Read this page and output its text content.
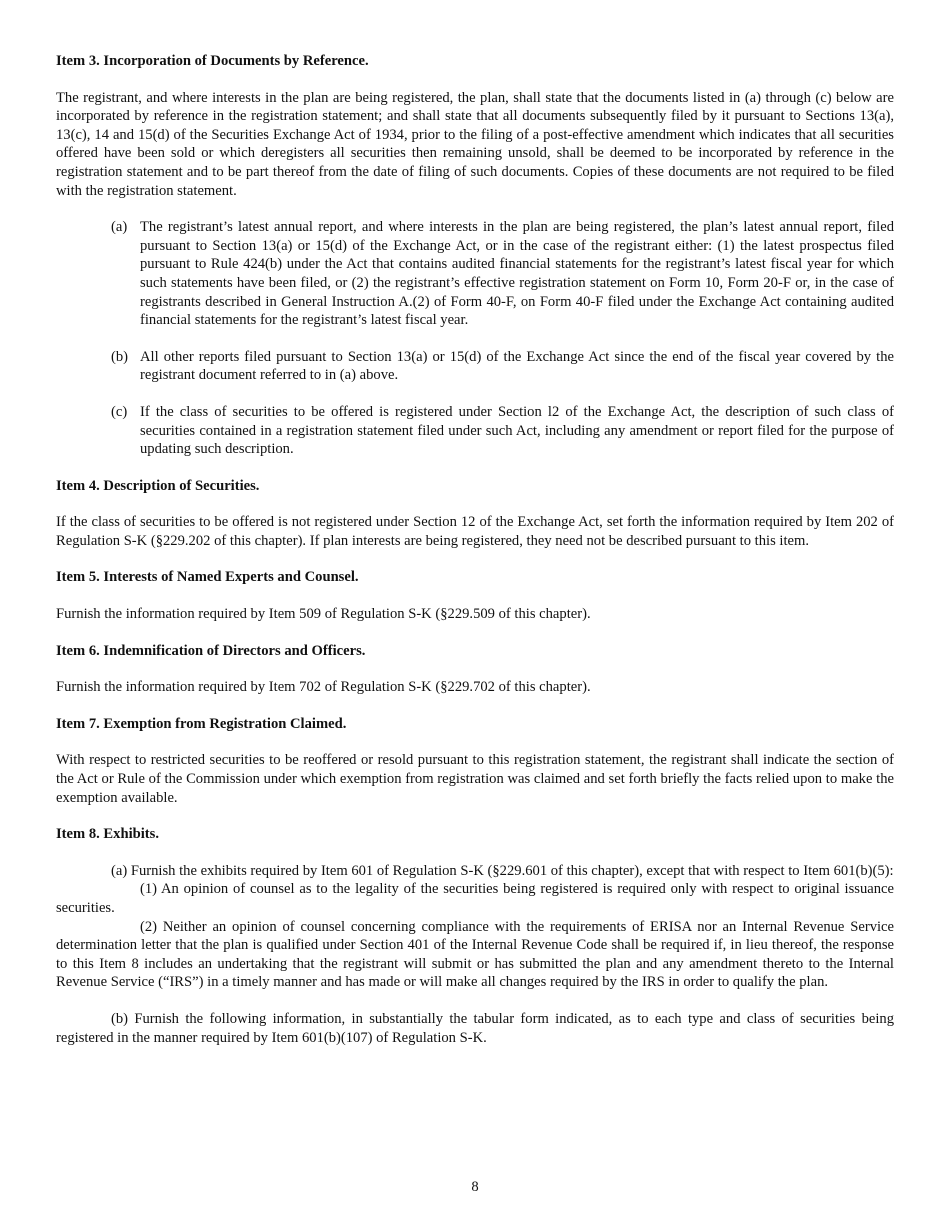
Item 3. Incorporation of Documents by Reference.

The registrant, and where interests in the plan are being registered, the plan, shall state that the documents listed in (a) through (c) below are incorporated by reference in the registration statement; and shall state that all documents subsequently filed by it pursuant to Sections 13(a), 13(c), 14 and 15(d) of the Securities Exchange Act of 1934, prior to the filing of a post-effective amendment which indicates that all securities offered have been sold or which deregisters all securities then remaining unsold, shall be deemed to be incorporated by reference in the registration statement and to be part thereof from the date of filing of such documents. Copies of these documents are not required to be filed with the registration statement.

(a) The registrant’s latest annual report, and where interests in the plan are being registered, the plan’s latest annual report, filed pursuant to Section 13(a) or 15(d) of the Exchange Act, or in the case of the registrant either: (1) the latest prospectus filed pursuant to Rule 424(b) under the Act that contains audited financial statements for the registrant’s latest fiscal year for which such statements have been filed, or (2) the registrant’s effective registration statement on Form 10, Form 20-F or, in the case of registrants described in General Instruction A.(2) of Form 40-F, on Form 40-F filed under the Exchange Act containing audited financial statements for the registrant’s latest fiscal year.
(b) All other reports filed pursuant to Section 13(a) or 15(d) of the Exchange Act since the end of the fiscal year covered by the registrant document referred to in (a) above.
(c) If the class of securities to be offered is registered under Section l2 of the Exchange Act, the description of such class of securities contained in a registration statement filed under such Act, including any amendment or report filed for the purpose of updating such description.
Item 4. Description of Securities.

If the class of securities to be offered is not registered under Section 12 of the Exchange Act, set forth the information required by Item 202 of Regulation S-K (§229.202 of this chapter). If plan interests are being registered, they need not be described pursuant to this item.

Item 5. Interests of Named Experts and Counsel.

Furnish the information required by Item 509 of Regulation S-K (§229.509 of this chapter).

Item 6. Indemnification of Directors and Officers.

Furnish the information required by Item 702 of Regulation S-K (§229.702 of this chapter).

Item 7. Exemption from Registration Claimed.

With respect to restricted securities to be reoffered or resold pursuant to this registration statement, the registrant shall indicate the section of the Act or Rule of the Commission under which exemption from registration was claimed and set forth briefly the facts relied upon to make the exemption available.

Item 8. Exhibits.

(a) Furnish the exhibits required by Item 601 of Regulation S-K (§229.601 of this chapter), except that with respect to Item 601(b)(5):

(1) An opinion of counsel as to the legality of the securities being registered is required only with respect to original issuance securities.

(2) Neither an opinion of counsel concerning compliance with the requirements of ERISA nor an Internal Revenue Service determination letter that the plan is qualified under Section 401 of the Internal Revenue Code shall be required if, in lieu thereof, the response to this Item 8 includes an undertaking that the registrant will submit or has submitted the plan and any amendment thereto to the Internal Revenue Service (“IRS”) in a timely manner and has made or will make all changes required by the IRS in order to qualify the plan.

(b) Furnish the following information, in substantially the tabular form indicated, as to each type and class of securities being registered in the manner required by Item 601(b)(107) of Regulation S-K.

8
